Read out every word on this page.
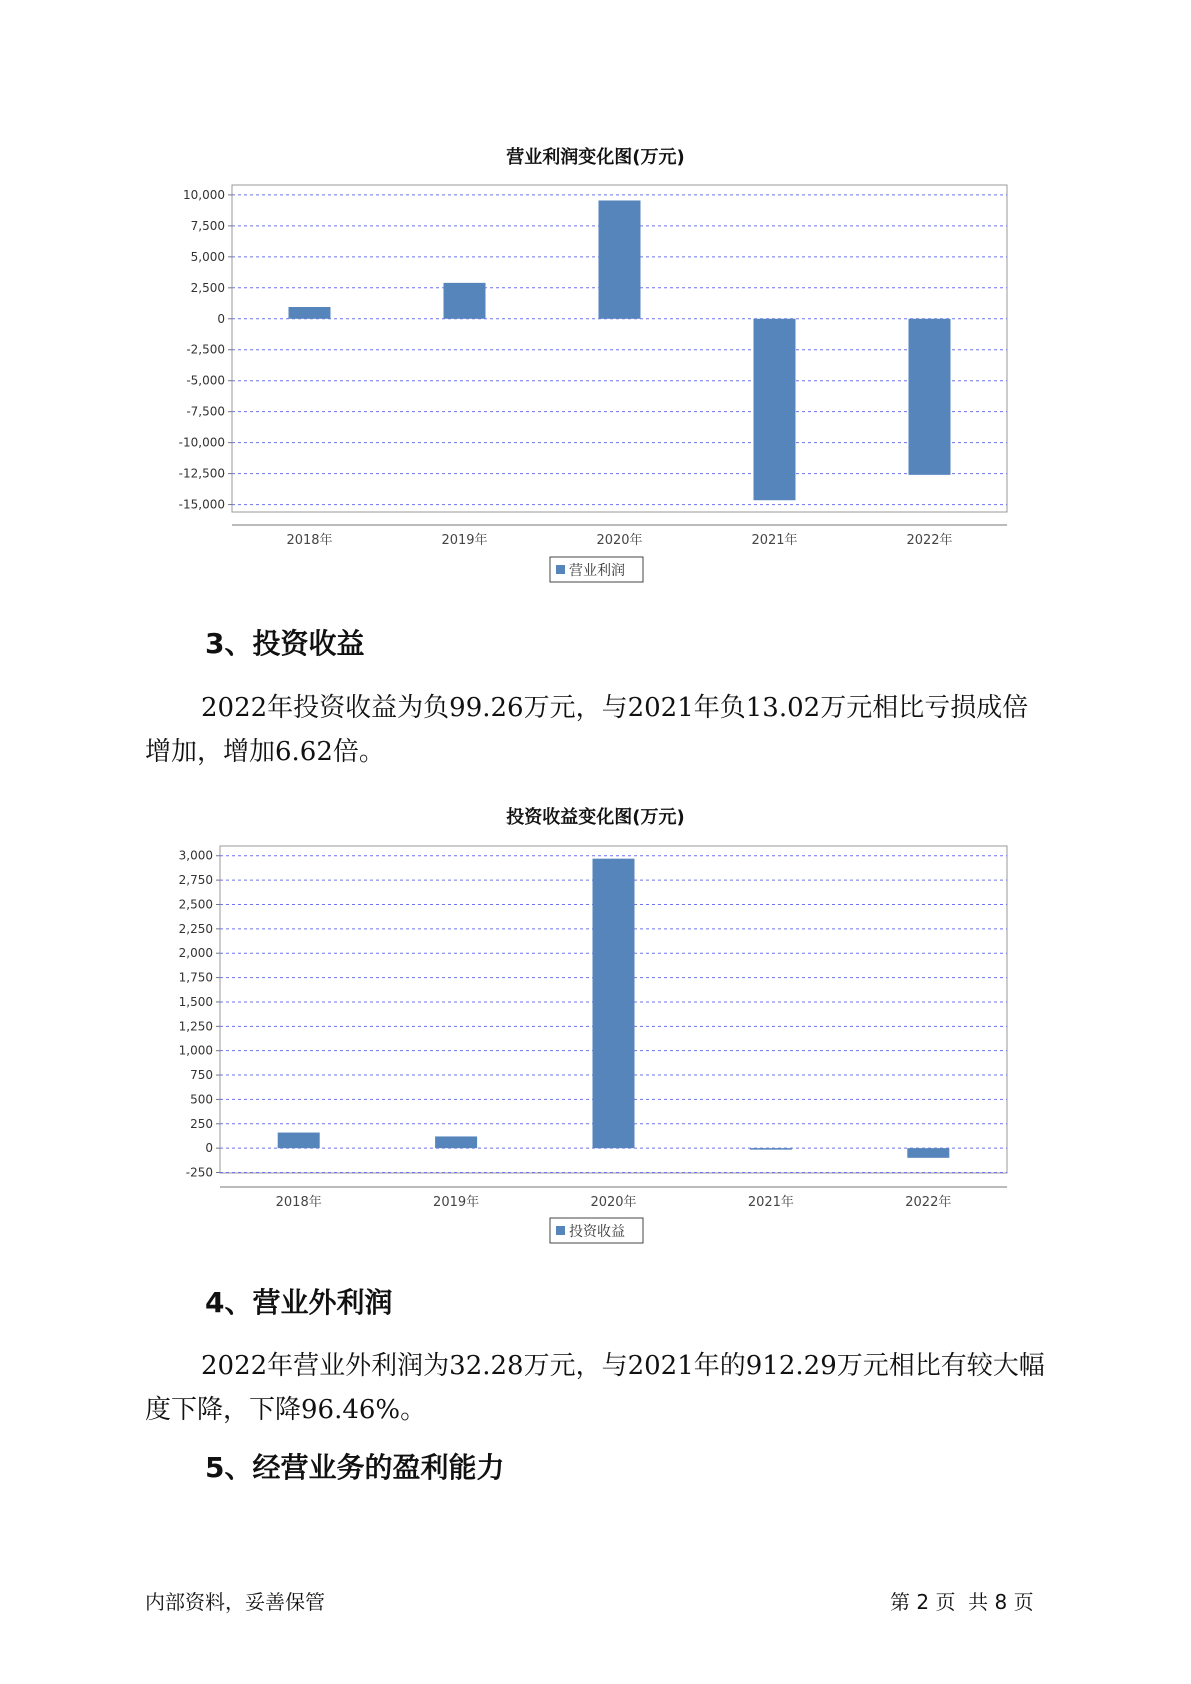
营业利润变化图(万元)
10,000
7,500
5,000
2,500
0
-2,500
-5,000
-7,500
-10,000
-12,500
-15,000
2018年	2019年	2020年	2021年	2022年
营业利润
3、投资收益
2022年投资收益为负99.26万元，与2021年负13.02万元相比亏损成倍
增加，增加6.62倍。
投资收益变化图(万元)
3,000
2,750
2,500
2,250
2,000
1,750
1,500
1,250
1,000
750
500
250
0
-250
2018年	2019年	2020年	2021年	2022年
投资收益
4、营业外利润
2022年营业外利润为32.28万元，与2021年的912.29万元相比有较大幅
度下降，下降96.46%。
5、经营业务的盈利能力
内部资料，妥善保管	第 2 页  共 8 页
